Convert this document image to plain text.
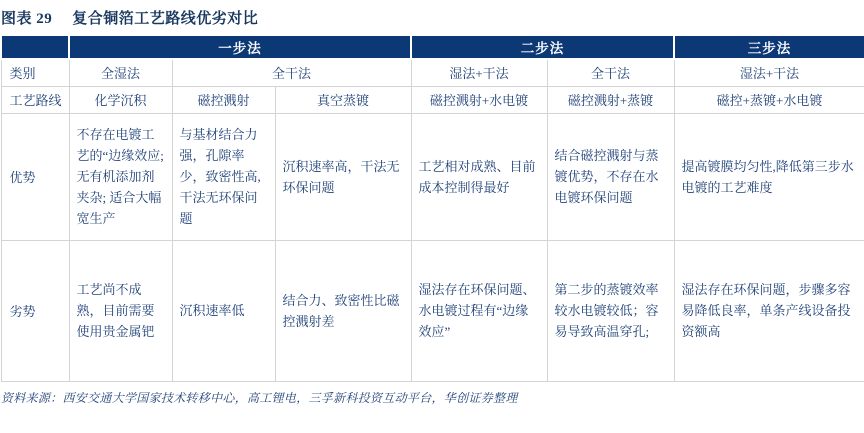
图表 29 复合铜箔工艺路线优劣对比
	一步法			二步法		三步法
类别	全湿法	全干法		湿法+干法	全干法	湿法+干法
工艺路线	化学沉积	磁控溅射	真空蒸镀	磁控溅射+水电镀	磁控溅射+蒸镀	磁控+蒸镀+水电镀
优势	不存在电镀工艺的“边缘效应; 无有机添加剂夹杂; 适合大幅宽生产	与基材结合力强，孔隙率少，致密性高,干法无环保问题	沉积速率高，干法无环保问题	工艺相对成熟、目前成本控制得最好	结合磁控溅射与蒸镀优势，不存在水电镀环保问题	提高镀膜均匀性,降低第三步水电镀的工艺难度
劣势	工艺尚不成熟，目前需要使用贵金属钯	沉积速率低	结合力、致密性比磁控溅射差	湿法存在环保问题、水电镀过程有“边缘效应”	第二步的蒸镀效率较水电镀较低；容易导致高温穿孔;	湿法存在环保问题，步骤多容易降低良率，单条产线设备投资额高
资料来源：西安交通大学国家技术转移中心，高工锂电，三孚新科投资互动平台，华创证券整理
